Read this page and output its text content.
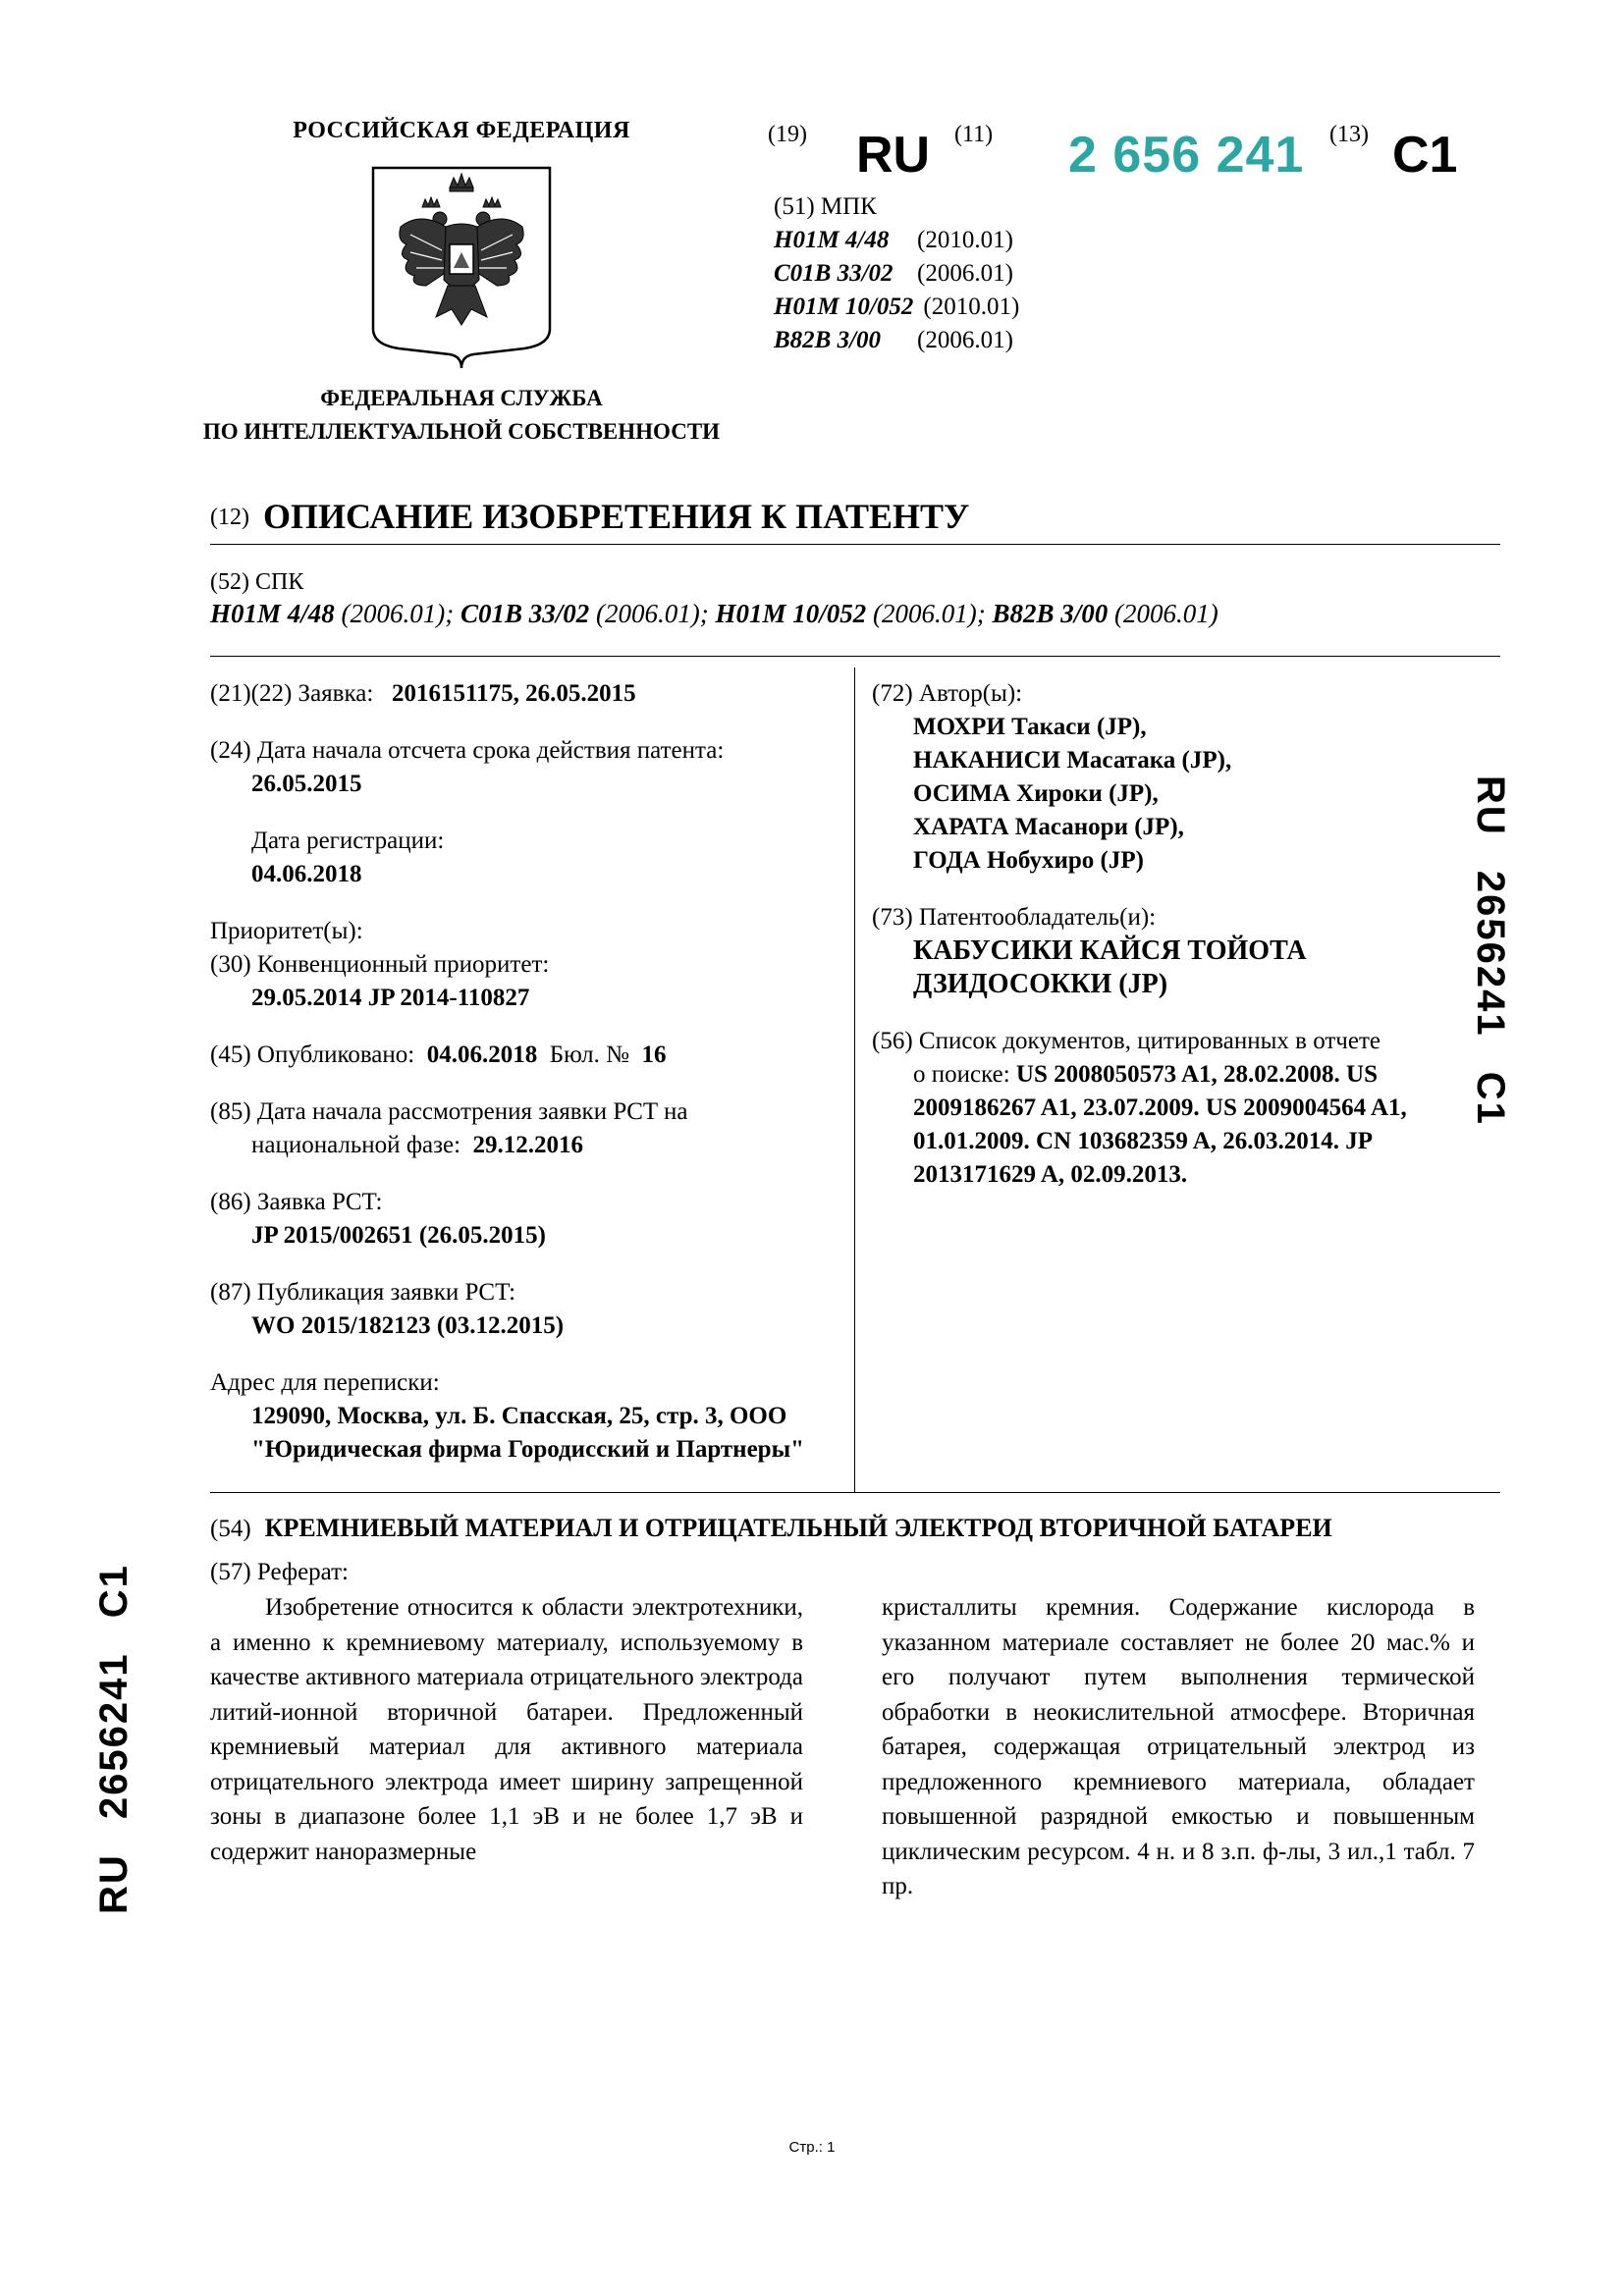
РОССИЙСКАЯ ФЕДЕРАЦИЯ
ФЕДЕРАЛЬНАЯ СЛУЖБА
ПО ИНТЕЛЛЕКТУАЛЬНОЙ СОБСТВЕННОСТИ
(19) RU (11) 2 656 241 (13) C1
(51) МПК
H01M 4/48 (2010.01)
C01B 33/02 (2006.01)
H01M 10/052 (2010.01)
B82B 3/00 (2006.01)
(12) ОПИСАНИЕ ИЗОБРЕТЕНИЯ К ПАТЕНТУ
(52) СПК
H01M 4/48 (2006.01); C01B 33/02 (2006.01); H01M 10/052 (2006.01); B82B 3/00 (2006.01)
(21)(22) Заявка: 2016151175, 26.05.2015
(24) Дата начала отсчета срока действия патента:
26.05.2015
Дата регистрации:
04.06.2018
Приоритет(ы):
(30) Конвенционный приоритет:
29.05.2014 JP 2014-110827
(45) Опубликовано: 04.06.2018 Бюл. № 16
(85) Дата начала рассмотрения заявки PCT на
национальной фазе: 29.12.2016
(86) Заявка PCT:
JP 2015/002651 (26.05.2015)
(87) Публикация заявки PCT:
WO 2015/182123 (03.12.2015)
Адрес для переписки:
129090, Москва, ул. Б. Спасская, 25, стр. 3, ООО
"Юридическая фирма Городисский и Партнеры"
(72) Автор(ы):
МОХРИ Такаси (JP),
НАКАНИСИ Масатака (JP),
ОСИМА Хироки (JP),
ХАРАТА Масанори (JP),
ГОДА Нобухиро (JP)
(73) Патентообладатель(и):
КАБУСИКИ КАЙСЯ ТОЙОТА
ДЗИДОСОККИ (JP)
(56) Список документов, цитированных в отчете
о поиске: US 2008050573 A1, 28.02.2008. US 2009186267 A1, 23.07.2009. US 2009004564 A1, 01.01.2009. CN 103682359 A, 26.03.2014. JP 2013171629 A, 02.09.2013.
(54) КРЕМНИЕВЫЙ МАТЕРИАЛ И ОТРИЦАТЕЛЬНЫЙ ЭЛЕКТРОД ВТОРИЧНОЙ БАТАРЕИ
(57) Реферат:

Изобретение относится к области электротехники, а именно к кремниевому материалу, используемому в качестве активного материала отрицательного электрода литий-ионной вторичной батареи. Предложенный кремниевый материал для активного материала отрицательного электрода имеет ширину запрещенной зоны в диапазоне более 1,1 эВ и не более 1,7 эВ и содержит наноразмерные

кристаллиты кремния. Содержание кислорода в указанном материале составляет не более 20 мас.% и его получают путем выполнения термической обработки в неокислительной атмосфере. Вторичная батарея, содержащая отрицательный электрод из предложенного кремниевого материала, обладает повышенной разрядной емкостью и повышенным циклическим ресурсом. 4 н. и 8 з.п. ф-лы, 3 ил.,1 табл. 7 пр.

RU 2656241 C1
RU 2656241 C1
Стр.: 1
